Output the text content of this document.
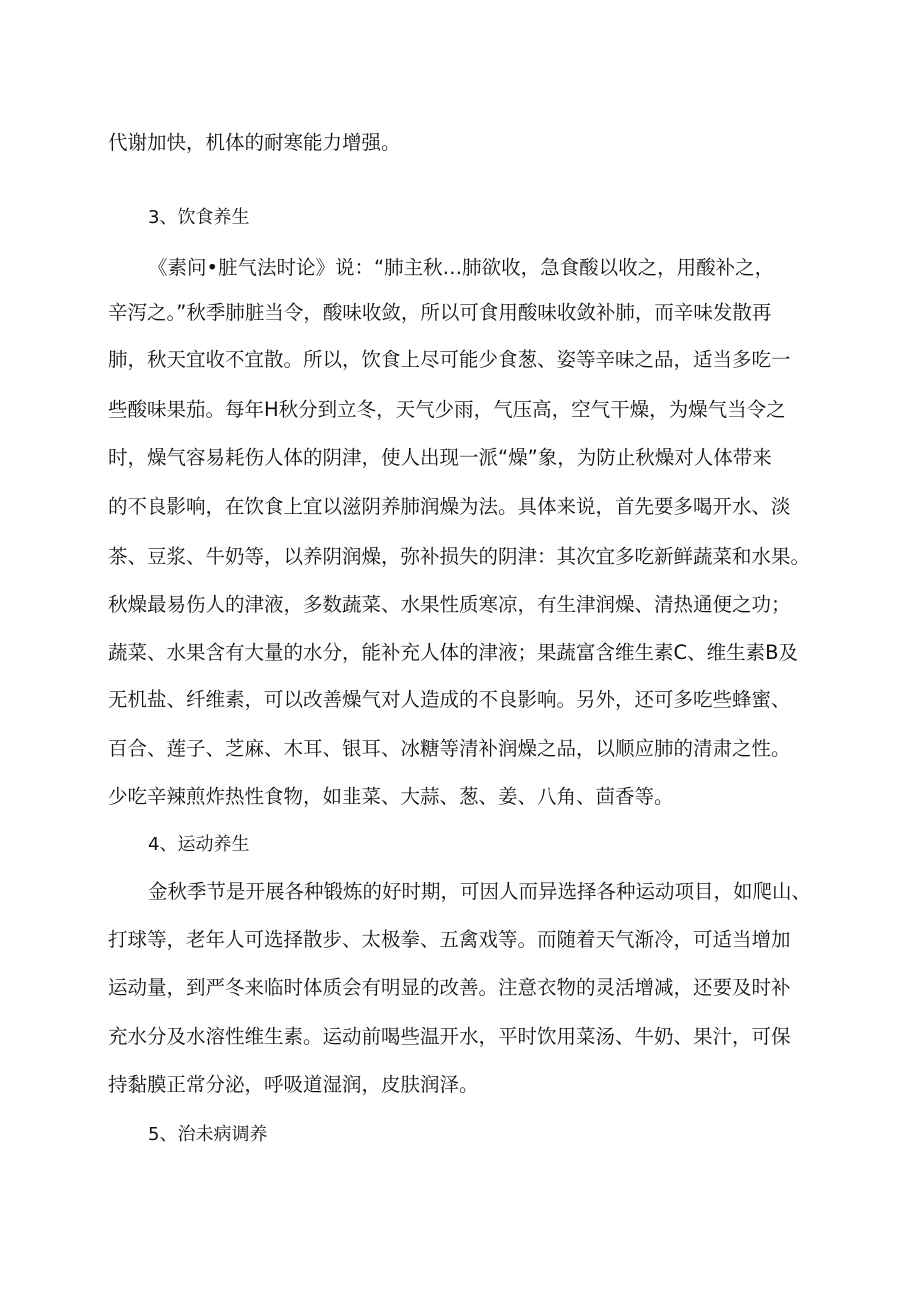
代谢加快，机体的耐寒能力增强。

3、饮食养生

《素问•脏气法时论》说：“肺主秋…肺欲收，急食酸以收之，用酸补之，

辛泻之。”秋季肺脏当令，酸味收敛，所以可食用酸味收敛补肺，而辛味发散再

肺，秋天宜收不宜散。所以，饮食上尽可能少食葱、姿等辛味之品，适当多吃一

些酸味果茄。每年H秋分到立冬，天气少雨，气压高，空气干燥，为燥气当令之

时，燥气容易耗伤人体的阴津，使人出现一派“燥”象，为防止秋燥对人体带来

的不良影响，在饮食上宜以滋阴养肺润燥为法。具体来说，首先要多喝开水、淡

茶、豆浆、牛奶等，以养阴润燥，弥补损失的阴津：其次宜多吃新鲜蔬菜和水果。

秋燥最易伤人的津液，多数蔬菜、水果性质寒凉，有生津润燥、清热通便之功；

蔬菜、水果含有大量的水分，能补充人体的津液；果蔬富含维生素C、维生素B及

无机盐、纤维素，可以改善燥气对人造成的不良影响。另外，还可多吃些蜂蜜、

百合、莲子、芝麻、木耳、银耳、冰糖等清补润燥之品，以顺应肺的清肃之性。

少吃辛辣煎炸热性食物，如韭菜、大蒜、葱、姜、八角、茴香等。

4、运动养生

金秋季节是开展各种锻炼的好时期，可因人而异选择各种运动项目，如爬山、

打球等，老年人可选择散步、太极拳、五禽戏等。而随着天气渐冷，可适当增加

运动量，到严冬来临时体质会有明显的改善。注意衣物的灵活增减，还要及时补

充水分及水溶性维生素。运动前喝些温开水，平时饮用菜汤、牛奶、果汁，可保

持黏膜正常分泌，呼吸道湿润，皮肤润泽。

5、治未病调养
